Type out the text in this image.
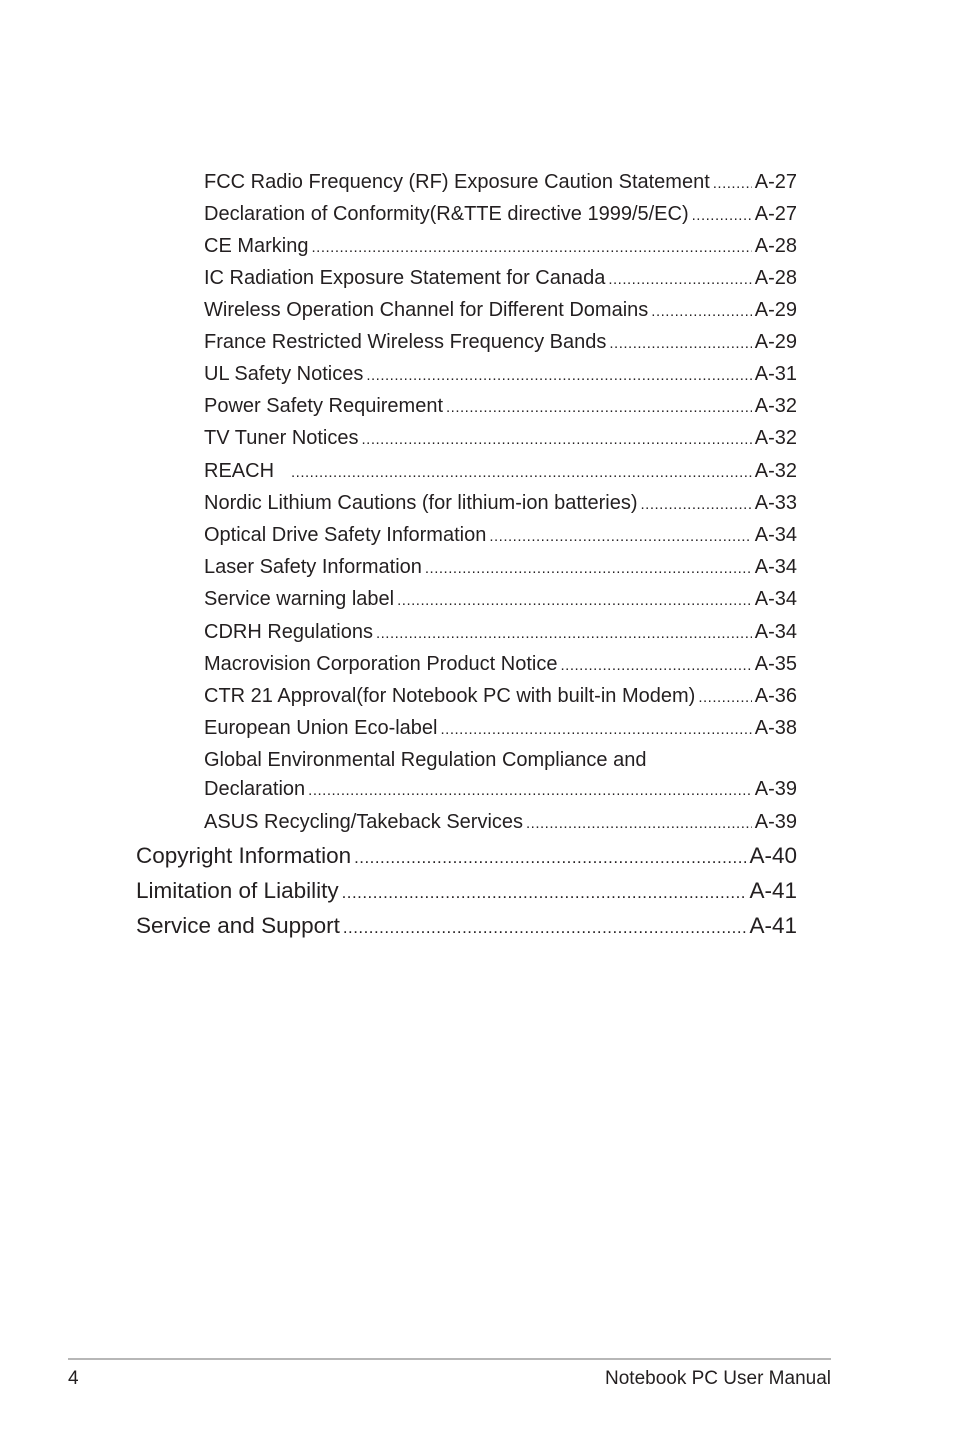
FCC Radio Frequency (RF) Exposure Caution Statement ..... A-27
Declaration of Conformity(R&TTE directive 1999/5/EC) .....	A-27
CE Marking .....	A-28
IC Radiation Exposure Statement for Canada .....	A-28
Wireless Operation Channel for Different Domains .....	A-29
France Restricted Wireless Frequency Bands .....	A-29
UL Safety Notices .....	A-31
Power Safety Requirement .....	A-32
TV Tuner Notices .....	A-32
REACH .....	A-32
Nordic Lithium Cautions (for lithium-ion batteries) .....	A-33
Optical Drive Safety Information .....	A-34
Laser Safety Information .....	A-34
Service warning label .....	A-34
CDRH Regulations .....	A-34
Macrovision Corporation Product Notice .....	A-35
CTR 21 Approval(for Notebook PC with built-in Modem) .....	A-36
European Union Eco-label .....	A-38
Global Environmental Regulation Compliance and
Declaration .....	A-39
ASUS Recycling/Takeback Services .....	A-39
Copyright Information .....	A-40
Limitation of Liability .....	A-41
Service and Support .....	A-41
4	Notebook PC User Manual
